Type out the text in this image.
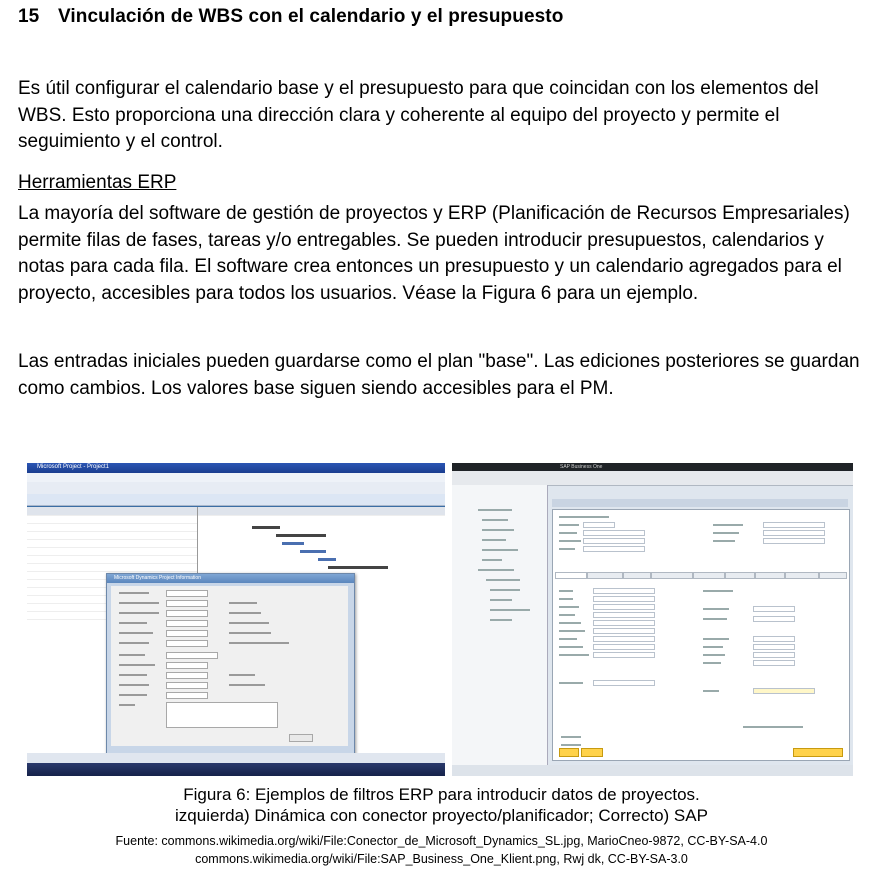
15 Vinculación de WBS con el calendario y el presupuesto
Es útil configurar el calendario base y el presupuesto para que coincidan con los elementos del WBS. Esto proporciona una dirección clara y coherente al equipo del proyecto y permite el seguimiento y el control.
Herramientas ERP
La mayoría del software de gestión de proyectos y ERP (Planificación de Recursos Empresariales) permite filas de fases, tareas y/o entregables. Se pueden introducir presupuestos, calendarios y notas para cada fila. El software crea entonces un presupuesto y un calendario agregados para el proyecto, accesibles para todos los usuarios. Véase la Figura 6 para un ejemplo.
Las entradas iniciales pueden guardarse como el plan "base". Las ediciones posteriores se guardan como cambios. Los valores base siguen siendo accesibles para el PM.
Microsoft Project - Project1
Figura 6: Ejemplos de filtros ERP para introducir datos de proyectos.
izquierda) Dinámica con conector proyecto/planificador; Correcto) SAP
Fuente: commons.wikimedia.org/wiki/File:Conector_de_Microsoft_Dynamics_SL.jpg, MarioCneo-9872, CC-BY-SA-4.0
commons.wikimedia.org/wiki/File:SAP_Business_One_Klient.png, Rwj dk, CC-BY-SA-3.0
Microsoft Dynamics Project Information
SAP Business One
